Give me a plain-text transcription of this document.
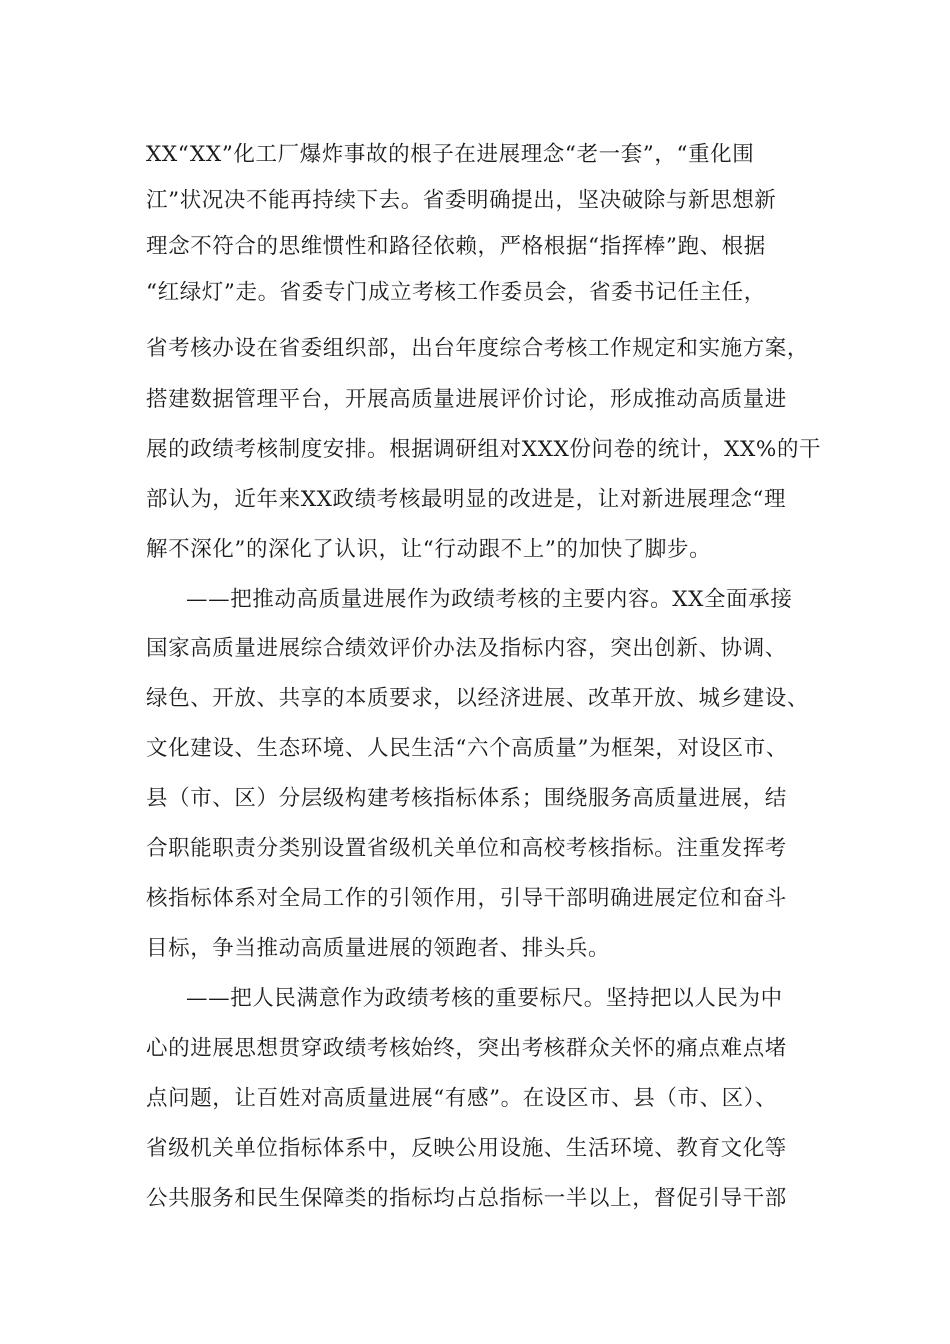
XX“XX”化工厂爆炸事故的根子在进展理念“老一套”，“重化围
江”状况决不能再持续下去。省委明确提出，坚决破除与新思想新
理念不符合的思维惯性和路径依赖，严格根据“指挥棒”跑、根据
“红绿灯”走。省委专门成立考核工作委员会，省委书记任主任，
省考核办设在省委组织部，出台年度综合考核工作规定和实施方案，
搭建数据管理平台，开展高质量进展评价讨论，形成推动高质量进
展的政绩考核制度安排。根据调研组对XXX份问卷的统计，XX%的干
部认为，近年来XX政绩考核最明显的改进是，让对新进展理念“理
解不深化”的深化了认识，让“行动跟不上”的加快了脚步。
——把推动高质量进展作为政绩考核的主要内容。XX全面承接
国家高质量进展综合绩效评价办法及指标内容，突出创新、协调、
绿色、开放、共享的本质要求，以经济进展、改革开放、城乡建设、
文化建设、生态环境、人民生活“六个高质量”为框架，对设区市、
县（市、区）分层级构建考核指标体系；围绕服务高质量进展，结
合职能职责分类别设置省级机关单位和高校考核指标。注重发挥考
核指标体系对全局工作的引领作用，引导干部明确进展定位和奋斗
目标，争当推动高质量进展的领跑者、排头兵。
——把人民满意作为政绩考核的重要标尺。坚持把以人民为中
心的进展思想贯穿政绩考核始终，突出考核群众关怀的痛点难点堵
点问题，让百姓对高质量进展“有感”。在设区市、县（市、区）、
省级机关单位指标体系中，反映公用设施、生活环境、教育文化等
公共服务和民生保障类的指标均占总指标一半以上，督促引导干部
